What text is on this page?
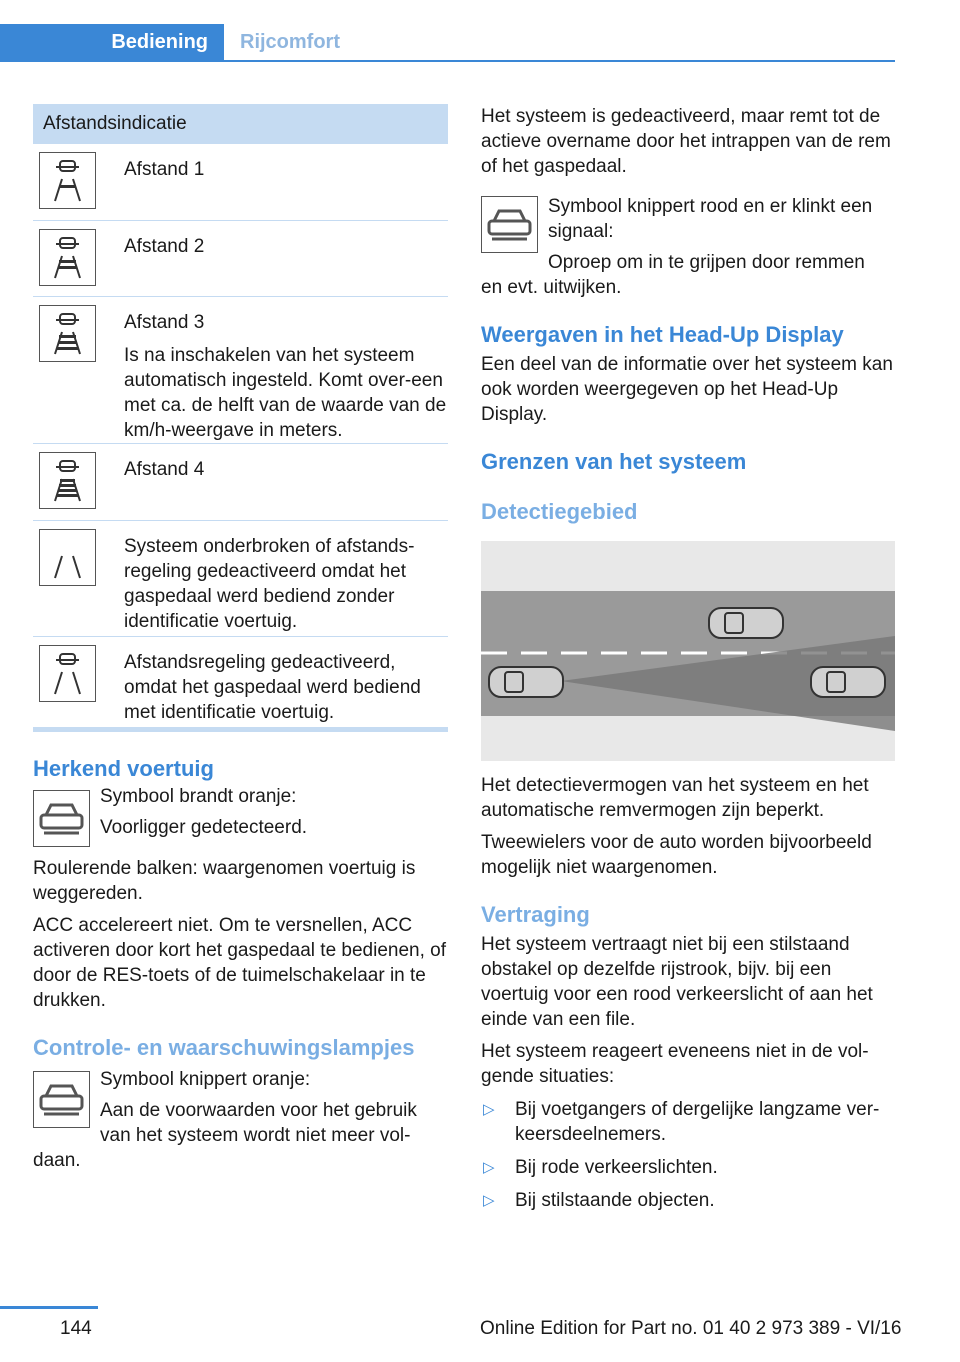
Bediening	Rijcomfort
Afstandsindicatie

Afstand 1

Afstand 2

Afstand 3

Is na inschakelen van het systeem automatisch ingesteld. Komt over-een met ca. de helft van de waarde van de km/h-weergave in meters.

Afstand 4

Systeem onderbroken of afstands-regeling gedeactiveerd omdat het gaspedaal werd bediend zonder identificatie voertuig.

Afstandsregeling gedeactiveerd, omdat het gaspedaal werd bediend met identificatie voertuig.

Herkend voertuig

Symbool brandt oranje:

Voorligger gedetecteerd.

Roulerende balken: waargenomen voertuig is weggereden.

ACC accelereert niet. Om te versnellen, ACC activeren door kort het gaspedaal te bedienen, of door de RES-toets of de tuimelschakelaar in te drukken.

Controle- en waarschuwingslampjes

Symbool knippert oranje:

Aan de voorwaarden voor het gebruik van het systeem wordt niet meer vol-

daan.

Het systeem is gedeactiveerd, maar remt tot de actieve overname door het intrappen van de rem of het gaspedaal.

Symbool knippert rood en er klinkt een signaal:

Oproep om in te grijpen door remmen

en evt. uitwijken.

Weergaven in het Head-Up Display

Een deel van de informatie over het systeem kan ook worden weergegeven op het Head-Up Display.

Grenzen van het systeem
Detectiegebied

Het detectievermogen van het systeem en het automatische remvermogen zijn beperkt.

Tweewielers voor de auto worden bijvoorbeeld mogelijk niet waargenomen.

Vertraging

Het systeem vertraagt niet bij een stilstaand obstakel op dezelfde rijstrook, bijv. bij een voertuig voor een rood verkeerslicht of aan het einde van een file.

Het systeem reageert eveneens niet in de vol-gende situaties:

▷	Bij voetgangers of dergelijke langzame ver-keersdeelnemers.
▷	Bij rode verkeerslichten.
▷	Bij stilstaande objecten.
144	Online Edition for Part no. 01 40 2 973 389 - VI/16
